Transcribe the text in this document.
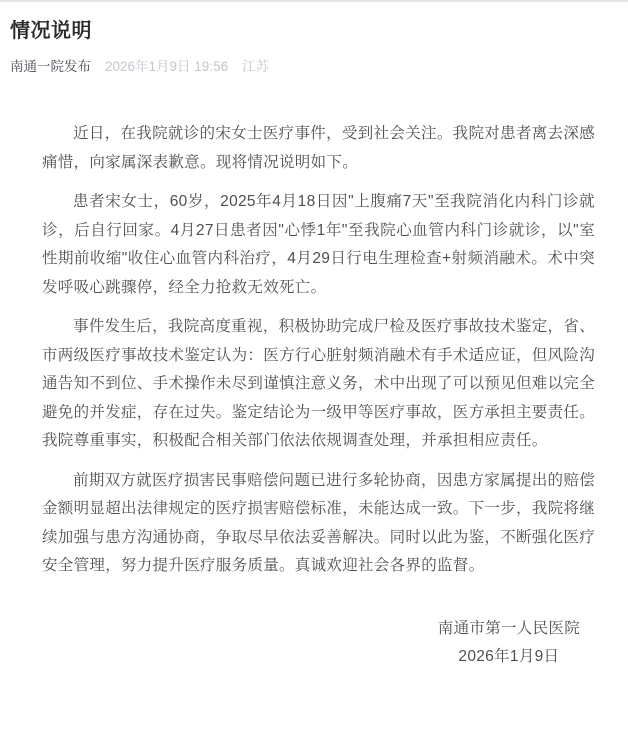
情况说明
南通一院发布 2026年1月9日 19:56 江苏

近日，在我院就诊的宋女士医疗事件，受到社会关注。我院对患者离去深感痛惜，向家属深表歉意。现将情况说明如下。

患者宋女士，60岁，2025年4月18日因"上腹痛7天"至我院消化内科门诊就诊，后自行回家。4月27日患者因"心悸1年"至我院心血管内科门诊就诊，以"室性期前收缩"收住心血管内科治疗，4月29日行电生理检查+射频消融术。术中突发呼吸心跳骤停，经全力抢救无效死亡。

事件发生后，我院高度重视，积极协助完成尸检及医疗事故技术鉴定，省、市两级医疗事故技术鉴定认为：医方行心脏射频消融术有手术适应证，但风险沟通告知不到位、手术操作未尽到谨慎注意义务，术中出现了可以预见但难以完全避免的并发症，存在过失。鉴定结论为一级甲等医疗事故，医方承担主要责任。我院尊重事实，积极配合相关部门依法依规调查处理，并承担相应责任。

前期双方就医疗损害民事赔偿问题已进行多轮协商，因患方家属提出的赔偿金额明显超出法律规定的医疗损害赔偿标准，未能达成一致。下一步，我院将继续加强与患方沟通协商，争取尽早依法妥善解决。同时以此为鉴，不断强化医疗安全管理，努力提升医疗服务质量。真诚欢迎社会各界的监督。

南通市第一人民医院
2026年1月9日
